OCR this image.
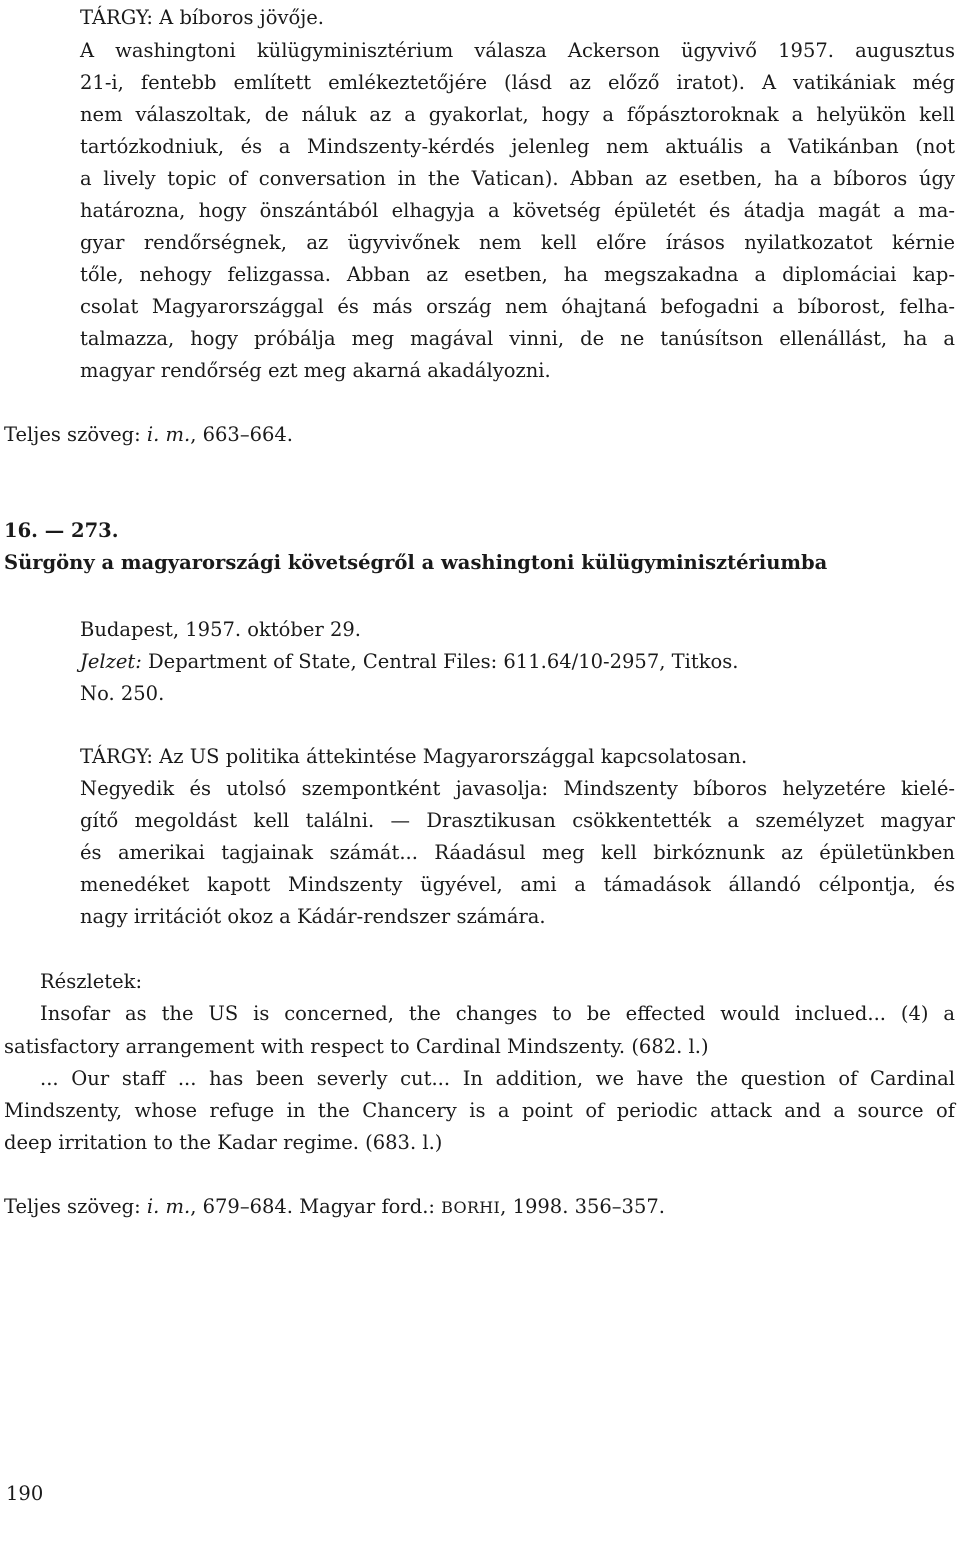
TÁRGY: A bíboros jövője.
A washingtoni külügyminisztérium válasza Ackerson ügyvivő 1957. augusztus
21-i, fentebb említett emlékeztetőjére (lásd az előző iratot). A vatikániak még
nem válaszoltak, de náluk az a gyakorlat, hogy a főpásztoroknak a helyükön kell
tartózkodniuk, és a Mindszenty-kérdés jelenleg nem aktuális a Vatikánban (not
a lively topic of conversation in the Vatican). Abban az esetben, ha a bíboros úgy
határozna, hogy önszántából elhagyja a követség épületét és átadja magát a ma-
gyar rendőrségnek, az ügyvivőnek nem kell előre írásos nyilatkozatot kérnie
tőle, nehogy felizgassa. Abban az esetben, ha megszakadna a diplomáciai kap-
csolat Magyarországgal és más ország nem óhajtaná befogadni a bíborost, felha-
talmazza, hogy próbálja meg magával vinni, de ne tanúsítson ellenállást, ha a
magyar rendőrség ezt meg akarná akadályozni.
Teljes szöveg: i. m., 663–664.
16. — 273.
Sürgöny a magyarországi követségről a washingtoni külügyminisztériumba
Budapest, 1957. október 29.
Jelzet: Department of State, Central Files: 611.64/10-2957, Titkos.
No. 250.
TÁRGY: Az US politika áttekintése Magyarországgal kapcsolatosan.
Negyedik és utolsó szempontként javasolja: Mindszenty bíboros helyzetére kielé-
gítő megoldást kell találni. — Drasztikusan csökkentették a személyzet magyar
és amerikai tagjainak számát... Ráadásul meg kell birkóznunk az épületünkben
menedéket kapott Mindszenty ügyével, ami a támadások állandó célpontja, és
nagy irritációt okoz a Kádár-rendszer számára.
Részletek:
Insofar as the US is concerned, the changes to be effected would inclued... (4) a
satisfactory arrangement with respect to Cardinal Mindszenty. (682. l.)
... Our staff ... has been severly cut... In addition, we have the question of Cardinal
Mindszenty, whose refuge in the Chancery is a point of periodic attack and a source of
deep irritation to the Kadar regime. (683. l.)
Teljes szöveg: i. m., 679–684. Magyar ford.: BORHI, 1998. 356–357.
190
